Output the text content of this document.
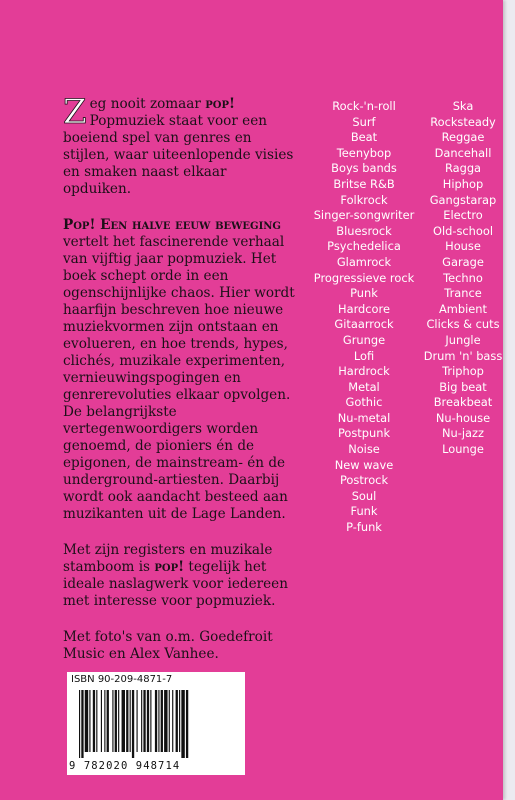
Zeg nooit zomaar pop! Popmuziek staat voor een boeiend spel van genres en stijlen, waar uiteenlopende visies en smaken naast elkaar opduiken.

Pop! Een halve eeuw beweging
vertelt het fascinerende verhaal van vijftig jaar popmuziek. Het boek schept orde in een ogenschijnlijke chaos. Hier wordt haarfijn beschreven hoe nieuwe muziekvormen zijn ontstaan en evolueren, en hoe trends, hypes, clichés, muzikale experimenten, vernieuwingspogingen en genrerevoluties elkaar opvolgen. De belangrijkste vertegenwoordigers worden genoemd, de pioniers én de epigonen, de mainstream- én de underground-artiesten. Daarbij wordt ook aandacht besteed aan muzikanten uit de Lage Landen.

Met zijn registers en muzikale stamboom is pop! tegelijk het ideale naslagwerk voor iedereen met interesse voor popmuziek.

Met foto's van o.m. Goedefroit Music en Alex Vanhee.

Rock-'n-roll
Surf
Beat
Teenybop
Boys bands
Britse R&B
Folkrock
Singer-songwriter
Bluesrock
Psychedelica
Glamrock
Progressieve rock
Punk
Hardcore
Gitaarrock
Grunge
Lofi
Hardrock
Metal
Gothic
Nu-metal
Postpunk
Noise
New wave
Postrock
Soul
Funk
P-funk
Ska
Rocksteady
Reggae
Dancehall
Ragga
Hiphop
Gangstarap
Electro
Old-school
House
Garage
Techno
Trance
Ambient
Clicks & cuts
Jungle
Drum 'n' bass
Triphop
Big beat
Breakbeat
Nu-house
Nu-jazz
Lounge
ISBN 90-209-4871-7
9 782020 948714
